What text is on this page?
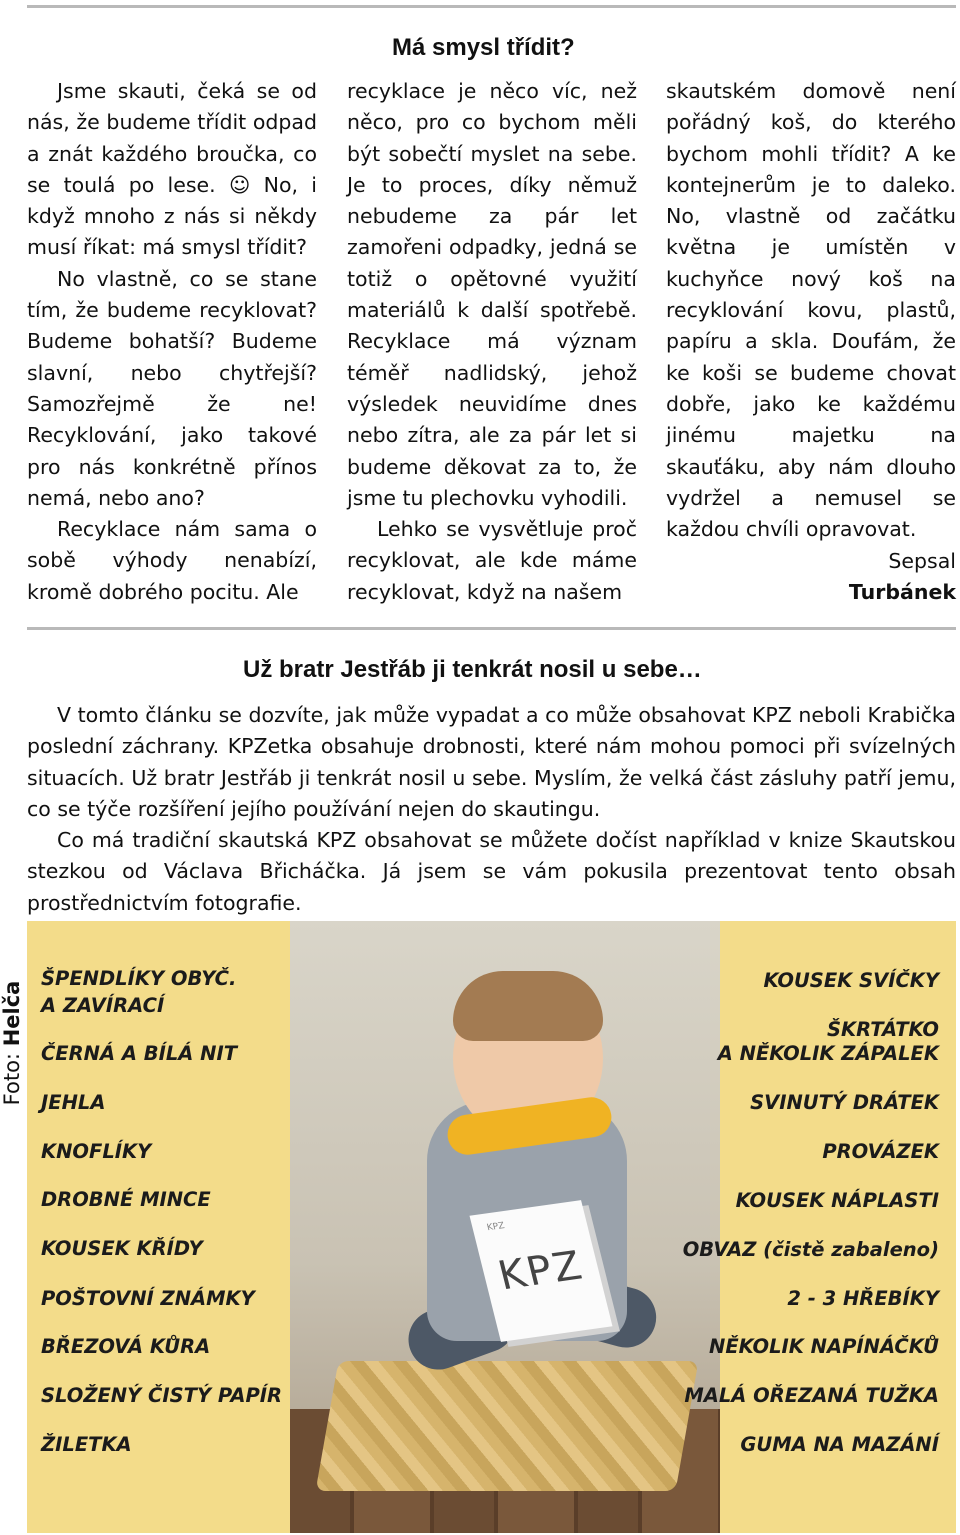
Má smysl třídit?

Jsme skauti, čeká se od nás, že budeme třídit odpad a znát každého broučka, co se toulá po lese. ☺ No, i když mnoho z nás si někdy musí říkat: má smysl třídit?

No vlastně, co se stane tím, že budeme recyklovat? Budeme bohatší? Budeme slavní, nebo chytřejší? Samozřejmě že ne! Recyklování, jako takové pro nás konkrétně přínos nemá, nebo ano?

Recyklace nám sama o sobě výhody nenabízí, kromě dobrého pocitu. Ale

recyklace je něco víc, než něco, pro co bychom měli být sobečtí myslet na sebe. Je to proces, díky němuž nebudeme za pár let zamořeni odpadky, jedná se totiž o opětovné využití materiálů k další spotřebě. Recyklace má význam téměř nadlidský, jehož výsledek neuvidíme dnes nebo zítra, ale za pár let si budeme děkovat za to, že jsme tu plechovku vyhodili.

Lehko se vysvětluje proč recyklovat, ale kde máme recyklovat, když na našem

skautském domově není pořádný koš, do kterého bychom mohli třídit? A ke kontejnerům je to daleko. No, vlastně od začátku května je umístěn v kuchyňce nový koš na recyklování kovu, plastů, papíru a skla. Doufám, že ke koši se budeme chovat dobře, jako ke každému jinému majetku na skauťáku, aby nám dlouho vydržel a nemusel se každou chvíli opravovat.

Sepsal
Turbánek
Už bratr Jestřáb ji tenkrát nosil u sebe…

V tomto článku se dozvíte, jak může vypadat a co může obsahovat KPZ neboli Krabička poslední záchrany. KPZetka obsahuje drobnosti, které nám mohou pomoci při svízelných situacích. Už bratr Jestřáb ji tenkrát nosil u sebe. Myslím, že velká část zásluhy patří jemu, co se týče rozšíření jejího používání nejen do skautingu.

Co má tradiční skautská KPZ obsahovat se můžete dočíst například v knize Skautskou stezkou od Václava Břicháčka. Já jsem se vám pokusila prezentovat tento obsah prostřednictvím fotografie.

Foto: Helča
KPZ
KPZ
ŠPENDLÍKY OBYČ.
A ZAVÍRACÍ
ČERNÁ A BÍLÁ NIT
JEHLA
KNOFLÍKY
DROBNÉ MINCE
KOUSEK KŘÍDY
POŠTOVNÍ ZNÁMKY
BŘEZOVÁ KŮRA
SLOŽENÝ ČISTÝ PAPÍR
ŽILETKA
KOUSEK SVÍČKY
ŠKRTÁTKO
A NĚKOLIK ZÁPALEK
SVINUTÝ DRÁTEK
PROVÁZEK
KOUSEK NÁPLASTI
OBVAZ (čistě zabaleno)
2 - 3 HŘEBÍKY
NĚKOLIK NAPÍNÁČKŮ
MALÁ OŘEZANÁ TUŽKA
GUMA NA MAZÁNÍ
